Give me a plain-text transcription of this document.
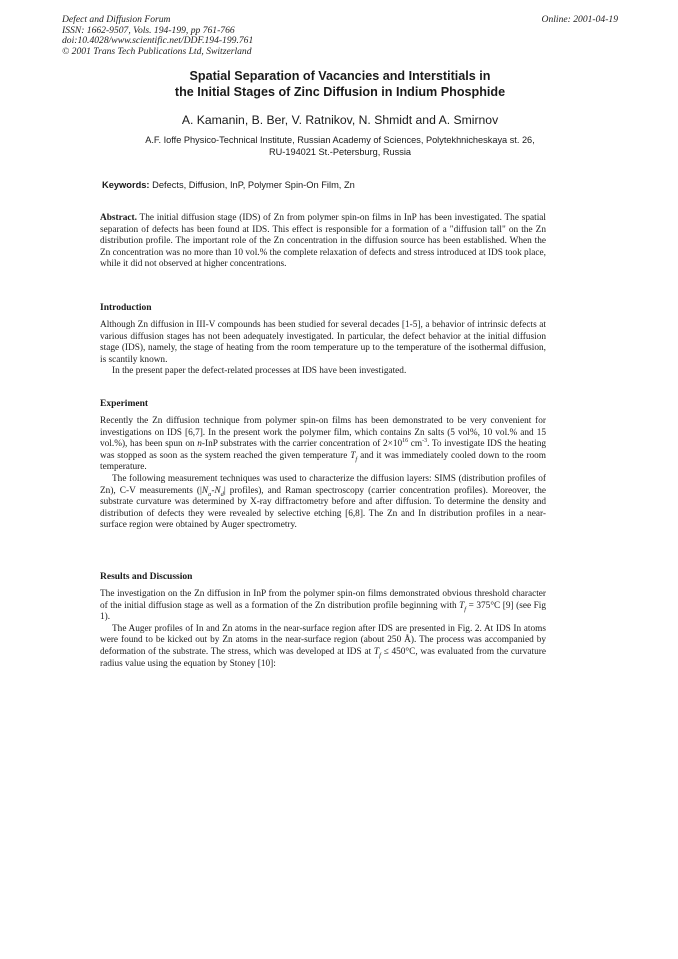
Defect and Diffusion Forum
ISSN: 1662-9507, Vols. 194-199, pp 761-766
doi:10.4028/www.scientific.net/DDF.194-199.761
© 2001 Trans Tech Publications Ltd, Switzerland
Online: 2001-04-19
Spatial Separation of Vacancies and Interstitials in
the Initial Stages of Zinc Diffusion in Indium Phosphide
A. Kamanin, B. Ber, V. Ratnikov, N. Shmidt and A. Smirnov
A.F. Ioffe Physico-Technical Institute, Russian Academy of Sciences, Polytekhnicheskaya st. 26,
RU-194021 St.-Petersburg, Russia
Keywords: Defects, Diffusion, InP, Polymer Spin-On Film, Zn

Abstract. The initial diffusion stage (IDS) of Zn from polymer spin-on films in InP has been investigated. The spatial separation of defects has been found at IDS. This effect is responsible for a formation of a "diffusion tall" on the Zn distribution profile. The important role of the Zn concentration in the diffusion source has been established. When the Zn concentration was no more than 10 vol.% the complete relaxation of defects and stress introduced at IDS took place, while it did not observed at higher concentrations.

Introduction

Although Zn diffusion in III-V compounds has been studied for several decades [1-5], a behavior of intrinsic defects at various diffusion stages has not been adequately investigated. In particular, the defect behavior at the initial diffusion stage (IDS), namely, the stage of heating from the room temperature up to the temperature of the isothermal diffusion, is scantily known.

In the present paper the defect-related processes at IDS have been investigated.

Experiment

Recently the Zn diffusion technique from polymer spin-on films has been demonstrated to be very convenient for investigations on IDS [6,7]. In the present work the polymer film, which contains Zn salts (5 vol%, 10 vol.% and 15 vol.%), has been spun on n-InP substrates with the carrier concentration of $2\times 10^{16}$ $cm^{-3}$. To investigate IDS the heating was stopped as soon as the system reached the given temperature $T_f$ and it was immediately cooled down to the room temperature.

The following measurement techniques was used to characterize the diffusion layers: SIMS (distribution profiles of Zn), C-V measurements ($|N_a-N_d|$ profiles), and Raman spectroscopy (carrier concentration profiles). Moreover, the substrate curvature was determined by X-ray diffractometry before and after diffusion. To determine the density and distribution of defects they were revealed by selective etching [6,8]. The Zn and In distribution profiles in a near-surface region were obtained by Auger spectrometry.

Results and Discussion

The investigation on the Zn diffusion in InP from the polymer spin-on films demonstrated obvious threshold character of the initial diffusion stage as well as a formation of the Zn distribution profile beginning with $T_f = 375^\circ C$ [9] (see Fig 1).

The Auger profiles of In and Zn atoms in the near-surface region after IDS are presented in Fig. 2. At IDS In atoms were found to be kicked out by Zn atoms in the near-surface region (about 250 Å). The process was accompanied by deformation of the substrate. The stress, which was developed at IDS at $T_f \le 450^\circ C$, was evaluated from the curvature radius value using the equation by Stoney [10]:
